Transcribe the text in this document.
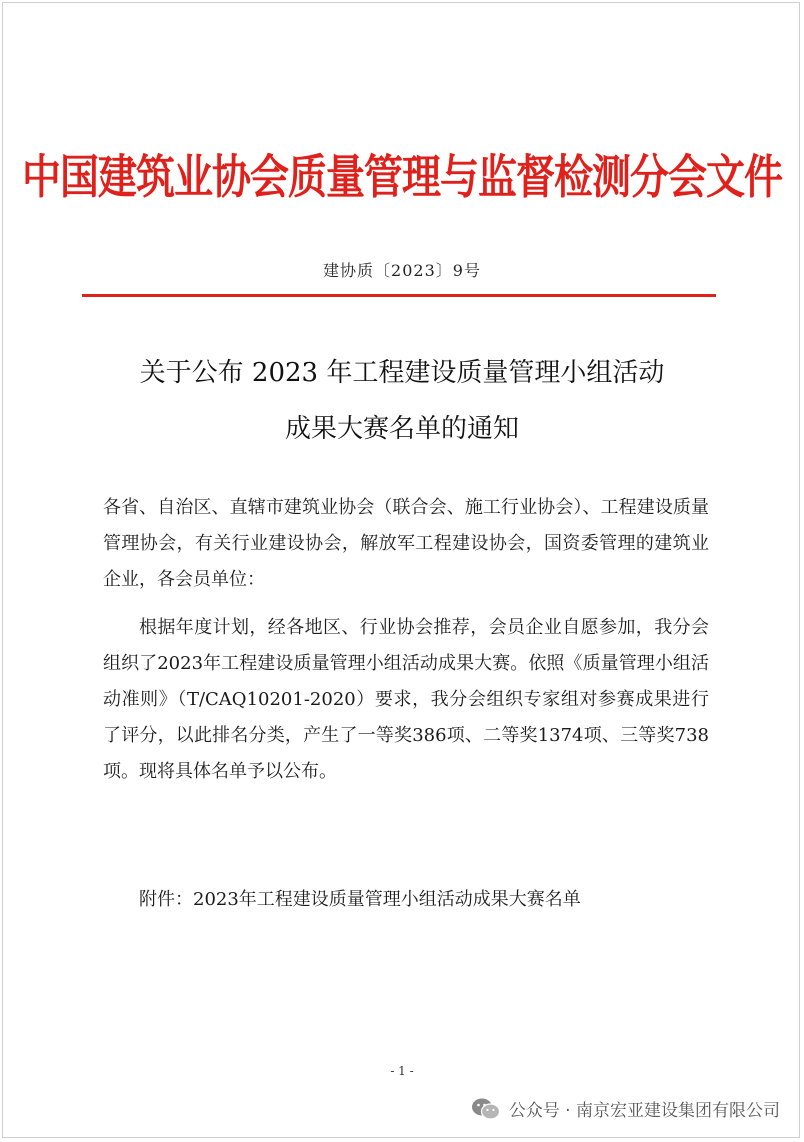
中国建筑业协会质量管理与监督检测分会文件
建协质〔2023〕9号
关于公布 2023 年工程建设质量管理小组活动
成果大赛名单的通知
各省、自治区、直辖市建筑业协会（联合会、施工行业协会）、工程建设质量管理协会，有关行业建设协会，解放军工程建设协会，国资委管理的建筑业企业，各会员单位：
根据年度计划，经各地区、行业协会推荐，会员企业自愿参加，我分会组织了2023年工程建设质量管理小组活动成果大赛。依照《质量管理小组活动准则》（T/CAQ10201-2020）要求，我分会组织专家组对参赛成果进行了评分，以此排名分类，产生了一等奖386项、二等奖1374项、三等奖738项。现将具体名单予以公布。
附件：2023年工程建设质量管理小组活动成果大赛名单
- 1 -
公众号 · 南京宏亚建设集团有限公司
